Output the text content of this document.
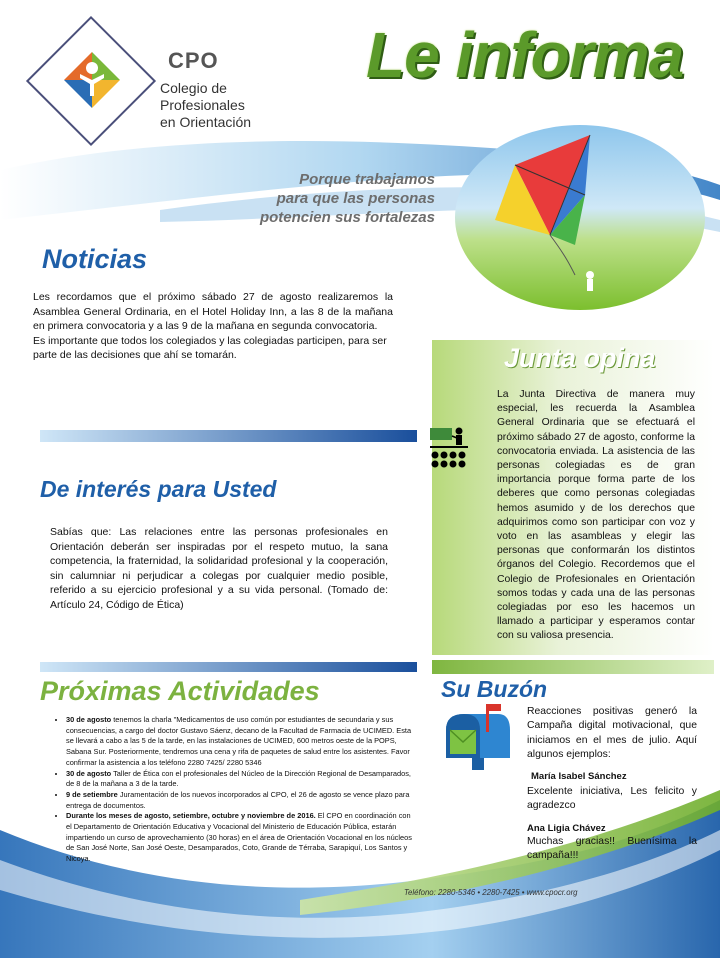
CPO
Colegio de
Profesionales
en Orientación
Le informa
Porque trabajamos
para que las personas
potencien sus fortalezas
Noticias

Les recordamos que el próximo sábado 27 de agosto realizaremos la Asamblea General Ordinaria, en el Hotel Holiday Inn, a las 8 de la mañana en primera convocatoria y a las 9 de la mañana en segunda convocatoria.

Es importante que todos los colegiados y las colegiadas participen, para ser parte de las decisiones que ahí se tomarán.

De interés para Usted
Sabías que: Las relaciones entre las personas profesionales en Orientación deberán ser inspiradas por el respeto mutuo, la sana competencia, la fraternidad, la solidaridad profesional y la cooperación, sin calumniar ni perjudicar a colegas por cualquier medio posible, referido a su ejercicio profesional y a su vida personal. (Tomado de: Artículo 24, Código de Ética)
Próximas Actividades
• 30 de agosto tenemos la charla "Medicamentos de uso común por estudiantes de secundaria y sus consecuencias, a cargo del doctor Gustavo Sáenz, decano de la Facultad de Farmacia de UCIMED. Esta se llevará a cabo a las 5 de la tarde, en las instalaciones de UCIMED, 600 metros oeste de la POPS, Sabana Sur. Posteriormente, tendremos una cena y rifa de paquetes de salud entre los asistentes. Favor confirmar la asistencia a los teléfono 2280 7425/ 2280 5346
• 30 de agosto Taller de Ética con el profesionales del Núcleo de la Dirección Regional de Desamparados, de 8 de la mañana a 3 de la tarde.
• 9 de setiembre Juramentación de los nuevos incorporados al CPO, el 26 de agosto se vence plazo para entrega de documentos.
• Durante los meses de agosto, setiembre, octubre y noviembre de 2016. El CPO en coordinación con el Departamento de Orientación Educativa y Vocacional del Ministerio de Educación Pública, estarán impartiendo un curso de aprovechamiento (30 horas) en el área de Orientación Vocacional en los núcleos de San José Norte, San José Oeste, Desamparados, Coto, Grande de Térraba, Sarapiquí, Los Santos y Nicoya.
Junta opina
La Junta Directiva de manera muy especial, les recuerda la Asamblea General Ordinaria que se efectuará el próximo sábado 27 de agosto, conforme la convocatoria enviada. La asistencia de las personas colegiadas es de gran importancia porque forma parte de los deberes que como personas colegiadas hemos asumido y de los derechos que adquirimos como son participar con voz y voto en las asambleas y elegir las personas que conformarán los distintos órganos del Colegio. Recordemos que el Colegio de Profesionales en Orientación somos todas y cada una de las personas colegiadas por eso les hacemos un llamado a participar y esperamos contar con su valiosa presencia.
Su Buzón
Reacciones positivas generó la Campaña digital motivacional, que iniciamos en el mes de julio. Aquí algunos ejemplos:
María Isabel Sánchez
Excelente iniciativa, Les felicito y agradezco
Ana Ligia Chávez
Muchas gracias!! Buenísima la campaña!!!
Teléfono: 2280-5346 • 2280-7425 • www.cpocr.org
